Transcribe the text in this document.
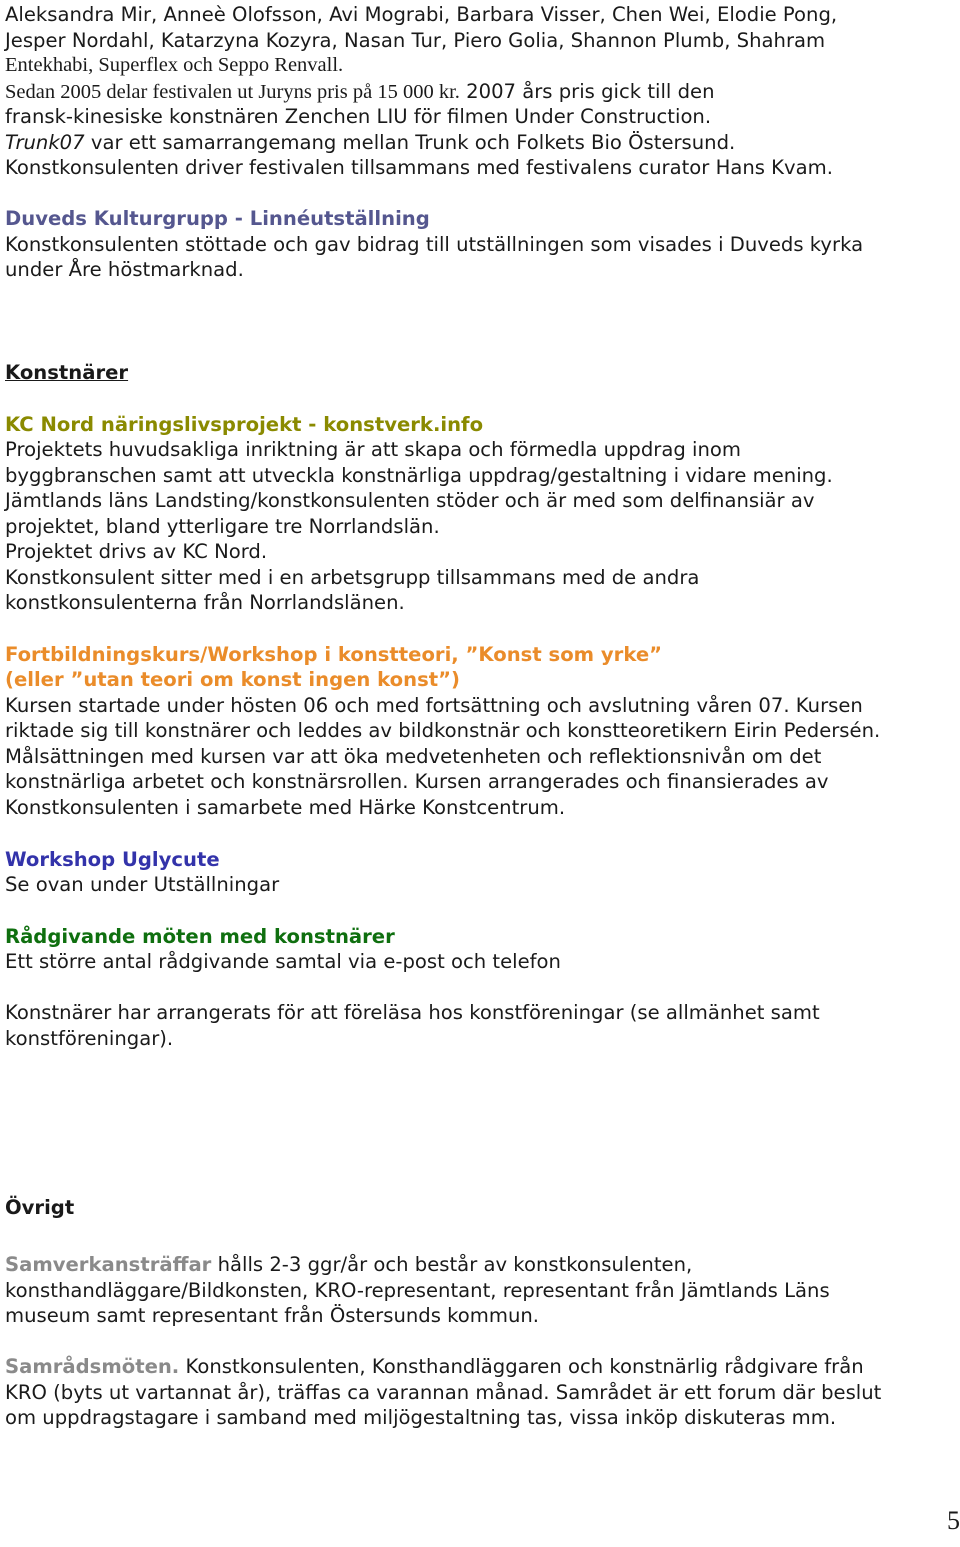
Aleksandra Mir, Anneè Olofsson, Avi Mograbi, Barbara Visser, Chen Wei, Elodie Pong,
Jesper Nordahl, Katarzyna Kozyra, Nasan Tur, Piero Golia, Shannon Plumb, Shahram
Entekhabi, Superflex och Seppo Renvall.
Sedan 2005 delar festivalen ut Juryns pris på 15 000 kr. 2007 års pris gick till den
fransk-kinesiske konstnären Zenchen LIU för filmen Under Construction.
Trunk07 var ett samarrangemang mellan Trunk och Folkets Bio Östersund.
Konstkonsulenten driver festivalen tillsammans med festivalens curator Hans Kvam.
Duveds Kulturgrupp - Linnéutställning
Konstkonsulenten stöttade och gav bidrag till utställningen som visades i Duveds kyrka
under Åre höstmarknad.
Konstnärer
KC Nord näringslivsprojekt - konstverk.info
Projektets huvudsakliga inriktning är att skapa och förmedla uppdrag inom
byggbranschen samt att utveckla konstnärliga uppdrag/gestaltning i vidare mening.
Jämtlands läns Landsting/konstkonsulenten stöder och är med som delfinansiär av
projektet, bland ytterligare tre Norrlandslän.
Projektet drivs av KC Nord.
Konstkonsulent sitter med i en arbetsgrupp tillsammans med de andra
konstkonsulenterna från Norrlandslänen.
Fortbildningskurs/Workshop i konstteori, ”Konst som yrke”
(eller ”utan teori om konst ingen konst”)
Kursen startade under hösten 06 och med fortsättning och avslutning våren 07. Kursen
riktade sig till konstnärer och leddes av bildkonstnär och konstteoretikern Eirin Pedersén.
Målsättningen med kursen var att öka medvetenheten och reflektionsnivån om det
konstnärliga arbetet och konstnärsrollen. Kursen arrangerades och finansierades av
Konstkonsulenten i samarbete med Härke Konstcentrum.
Workshop Uglycute
Se ovan under Utställningar
Rådgivande möten med konstnärer
Ett större antal rådgivande samtal via e-post och telefon
Konstnärer har arrangerats för att föreläsa hos konstföreningar (se allmänhet samt
konstföreningar).
Övrigt
Samverkansträffar hålls 2-3 ggr/år och består av konstkonsulenten,
konsthandläggare/Bildkonsten, KRO-representant, representant från Jämtlands Läns
museum samt representant från Östersunds kommun.
Samrådsmöten. Konstkonsulenten, Konsthandläggaren och konstnärlig rådgivare från
KRO (byts ut vartannat år), träffas ca varannan månad. Samrådet är ett forum där beslut
om uppdragstagare i samband med miljögestaltning tas, vissa inköp diskuteras mm.
5
